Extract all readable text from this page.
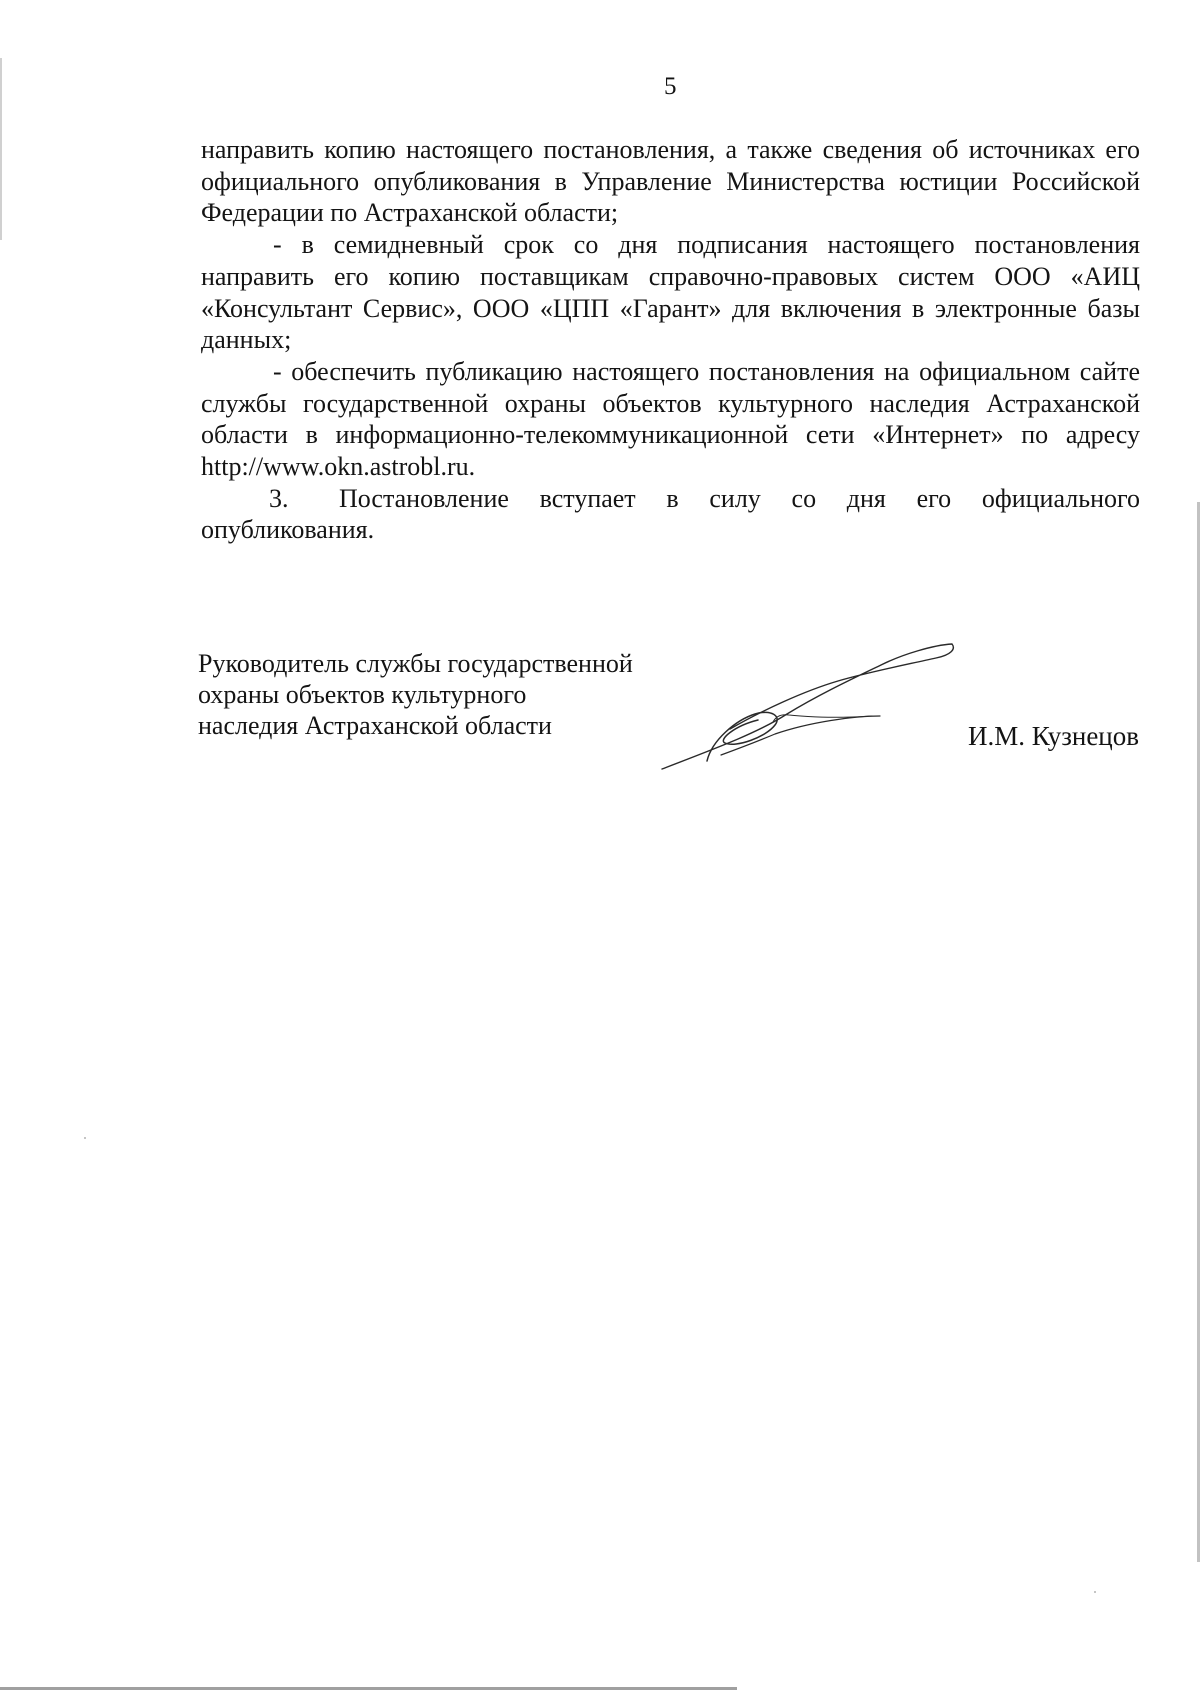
5

направить копию настоящего постановления, а также сведения об источниках его официального опубликования в Управление Министерства юстиции Российской Федерации по Астраханской области;

- в семидневный срок со дня подписания настоящего постановления направить его копию поставщикам справочно-правовых систем ООО «АИЦ «Консультант Сервис», ООО «ЦПП «Гарант» для включения в электронные базы данных;

- обеспечить публикацию настоящего постановления на официальном сайте службы государственной охраны объектов культурного наследия Астраханской области в информационно-телекоммуникационной сети «Интернет» по адресу http://www.okn.astrobl.ru.

3. Постановление вступает в силу со дня его официального опубликования.

Руководитель службы государственной
охраны объектов культурного
наследия Астраханской области	И.М. Кузнецов
